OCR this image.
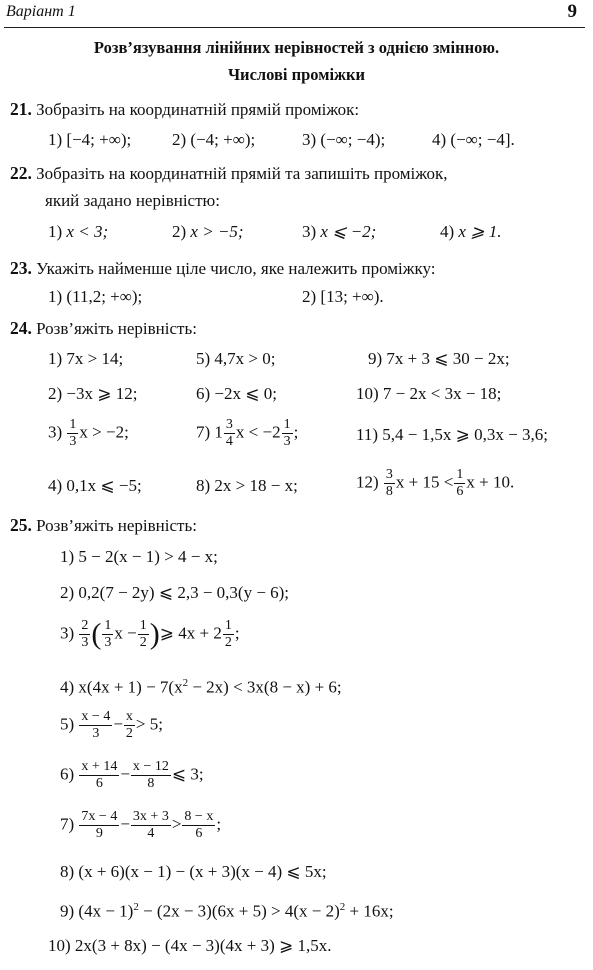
Варіант 1	9
Розв’язування лінійних нерівностей з однією змінною.
Числові проміжки
21. Зобразіть на координатній прямій проміжок:
1) [−4; +∞); 2) (−4; +∞);	3) (−∞; −4);	4) (−∞; −4].
22. Зобразіть на координатній прямій та запишіть проміжок,
який задано нерівністю:
1) x < 3;	2) x > −5;	3) x ⩽ −2;	4) x ⩾ 1.
23. Укажіть найменше ціле число, яке належить проміжку:
1) (11,2; +∞);	2) [13; +∞).
24. Розв’яжіть нерівність:
1) 7x > 14;	5) 4,7x > 0;	9) 7x + 3 ⩽ 30 − 2x;
2) −3x ⩾ 12;	6) −2x ⩽ 0;	10) 7 − 2x < 3x − 18;
$3) \frac{1}{3}$ x > −2;	7) $1 \frac{3}{4}$ $x < -2 \frac{1}{3}$ ;	11) 5,4 − 1,5x ⩾ 0,3x − 3,6;
4) 0,1x ⩽ −5;	8) 2x > 18 − x;	$12) \frac{3}{8}$ $x + 15 < \frac{1}{6}$ x + 10.
25. Розв’яжіть нерівність:
1) 5 − 2(x − 1) > 4 − x;
2) 0,2(7 − 2y) ⩽ 2,3 − 0,3(y − 6);
$3) \frac{2}{3}$ ( $\frac{1}{3}$ $x - \frac{1}{2}$ )⩾ $4x + 2 \frac{1}{2}$ ;
4) $x(4x + 1) - 7(x^2 - 2x) < 3x(8 - x) + 6$;
$5) \frac{x - 4}{3} - \frac{x}{2} > 5$;
$6) \frac{x + 14}{6} - \frac{x - 12}{8}$ ⩽ 3;
$7) \frac{7x - 4}{9} - \frac{3x + 3}{4} > \frac{8 - x}{6}$ ;
8) (x + 6)(x − 1) − (x + 3)(x − 4) ⩽ 5x;
9) $(4x - 1)^2 - (2x - 3)(6x + 5) > 4(x - 2)^2 + 16x$;
10) 2x(3 + 8x) − (4x − 3)(4x + 3) ⩾ 1,5x.
